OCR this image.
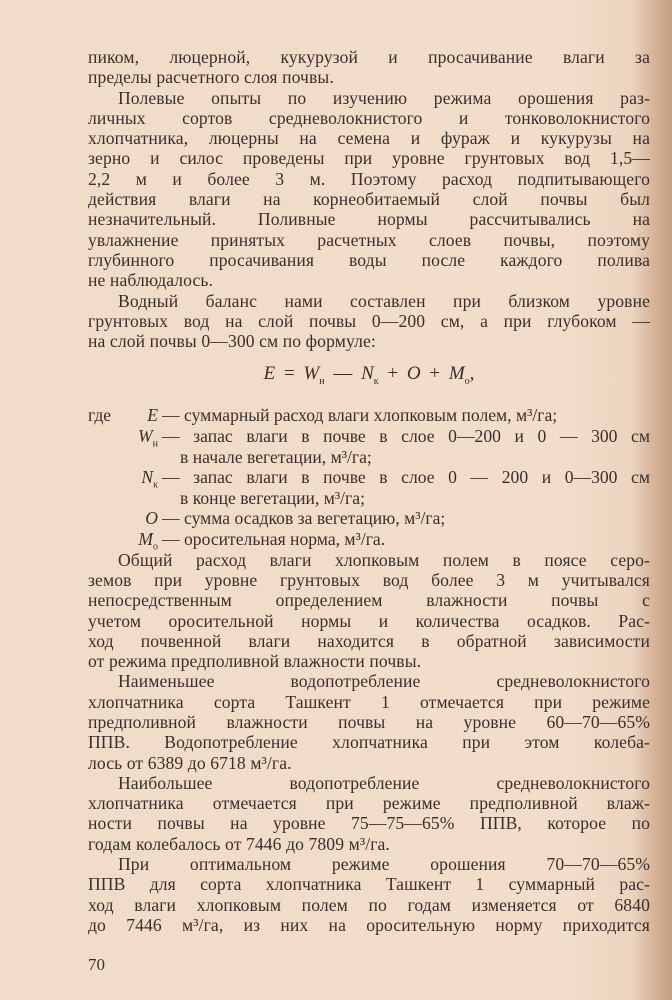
пиком, люцерной, кукурузой и просачивание влаги за
пределы расчетного слоя почвы.
Полевые опыты по изучению режима орошения раз-
личных сортов средневолокнистого и тонковолокнистого
хлопчатника, люцерны на семена и фураж и кукурузы на
зерно и силос проведены при уровне грунтовых вод 1,5—
2,2 м и более 3 м. Поэтому расход подпитывающего
действия влаги на корнеобитаемый слой почвы был
незначительный. Поливные нормы рассчитывались на
увлажнение принятых расчетных слоев почвы, поэтому
глубинного просачивания воды после каждого полива
не наблюдалось.
Водный баланс нами составлен при близком уровне
грунтовых вод на слой почвы 0—200 см, а при глубоком —
на слой почвы 0—300 см по формуле:
$E = W_н$ — $N_к + O + M_о$,
где E — суммарный расход влаги хлопковым полем, м³/га;
$W_н$ — запас влаги в почве в слое 0—200 и 0 — 300 см
в начале вегетации, м³/га;
$N_к$ — запас влаги в почве в слое 0 — 200 и 0—300 см
в конце вегетации, м³/га;
O — сумма осадков за вегетацию, м³/га;
$M_о$ — оросительная норма, м³/га.
Общий расход влаги хлопковым полем в поясе серо-
земов при уровне грунтовых вод более 3 м учитывался
непосредственным определением влажности почвы с
учетом оросительной нормы и количества осадков. Рас-
ход почвенной влаги находится в обратной зависимости
от режима предполивной влажности почвы.
Наименьшее водопотребление средневолокнистого
хлопчатника сорта Ташкент 1 отмечается при режиме
предполивной влажности почвы на уровне 60—70—65%
ППВ. Водопотребление хлопчатника при этом колеба-
лось от 6389 до 6718 м³/га.
Наибольшее водопотребление средневолокнистого
хлопчатника отмечается при режиме предполивной влаж-
ности почвы на уровне 75—75—65% ППВ, которое по
годам колебалось от 7446 до 7809 м³/га.
При оптимальном режиме орошения 70—70—65%
ППВ для сорта хлопчатника Ташкент 1 суммарный рас-
ход влаги хлопковым полем по годам изменяется от 6840
до 7446 м³/га, из них на оросительную норму приходится
70
